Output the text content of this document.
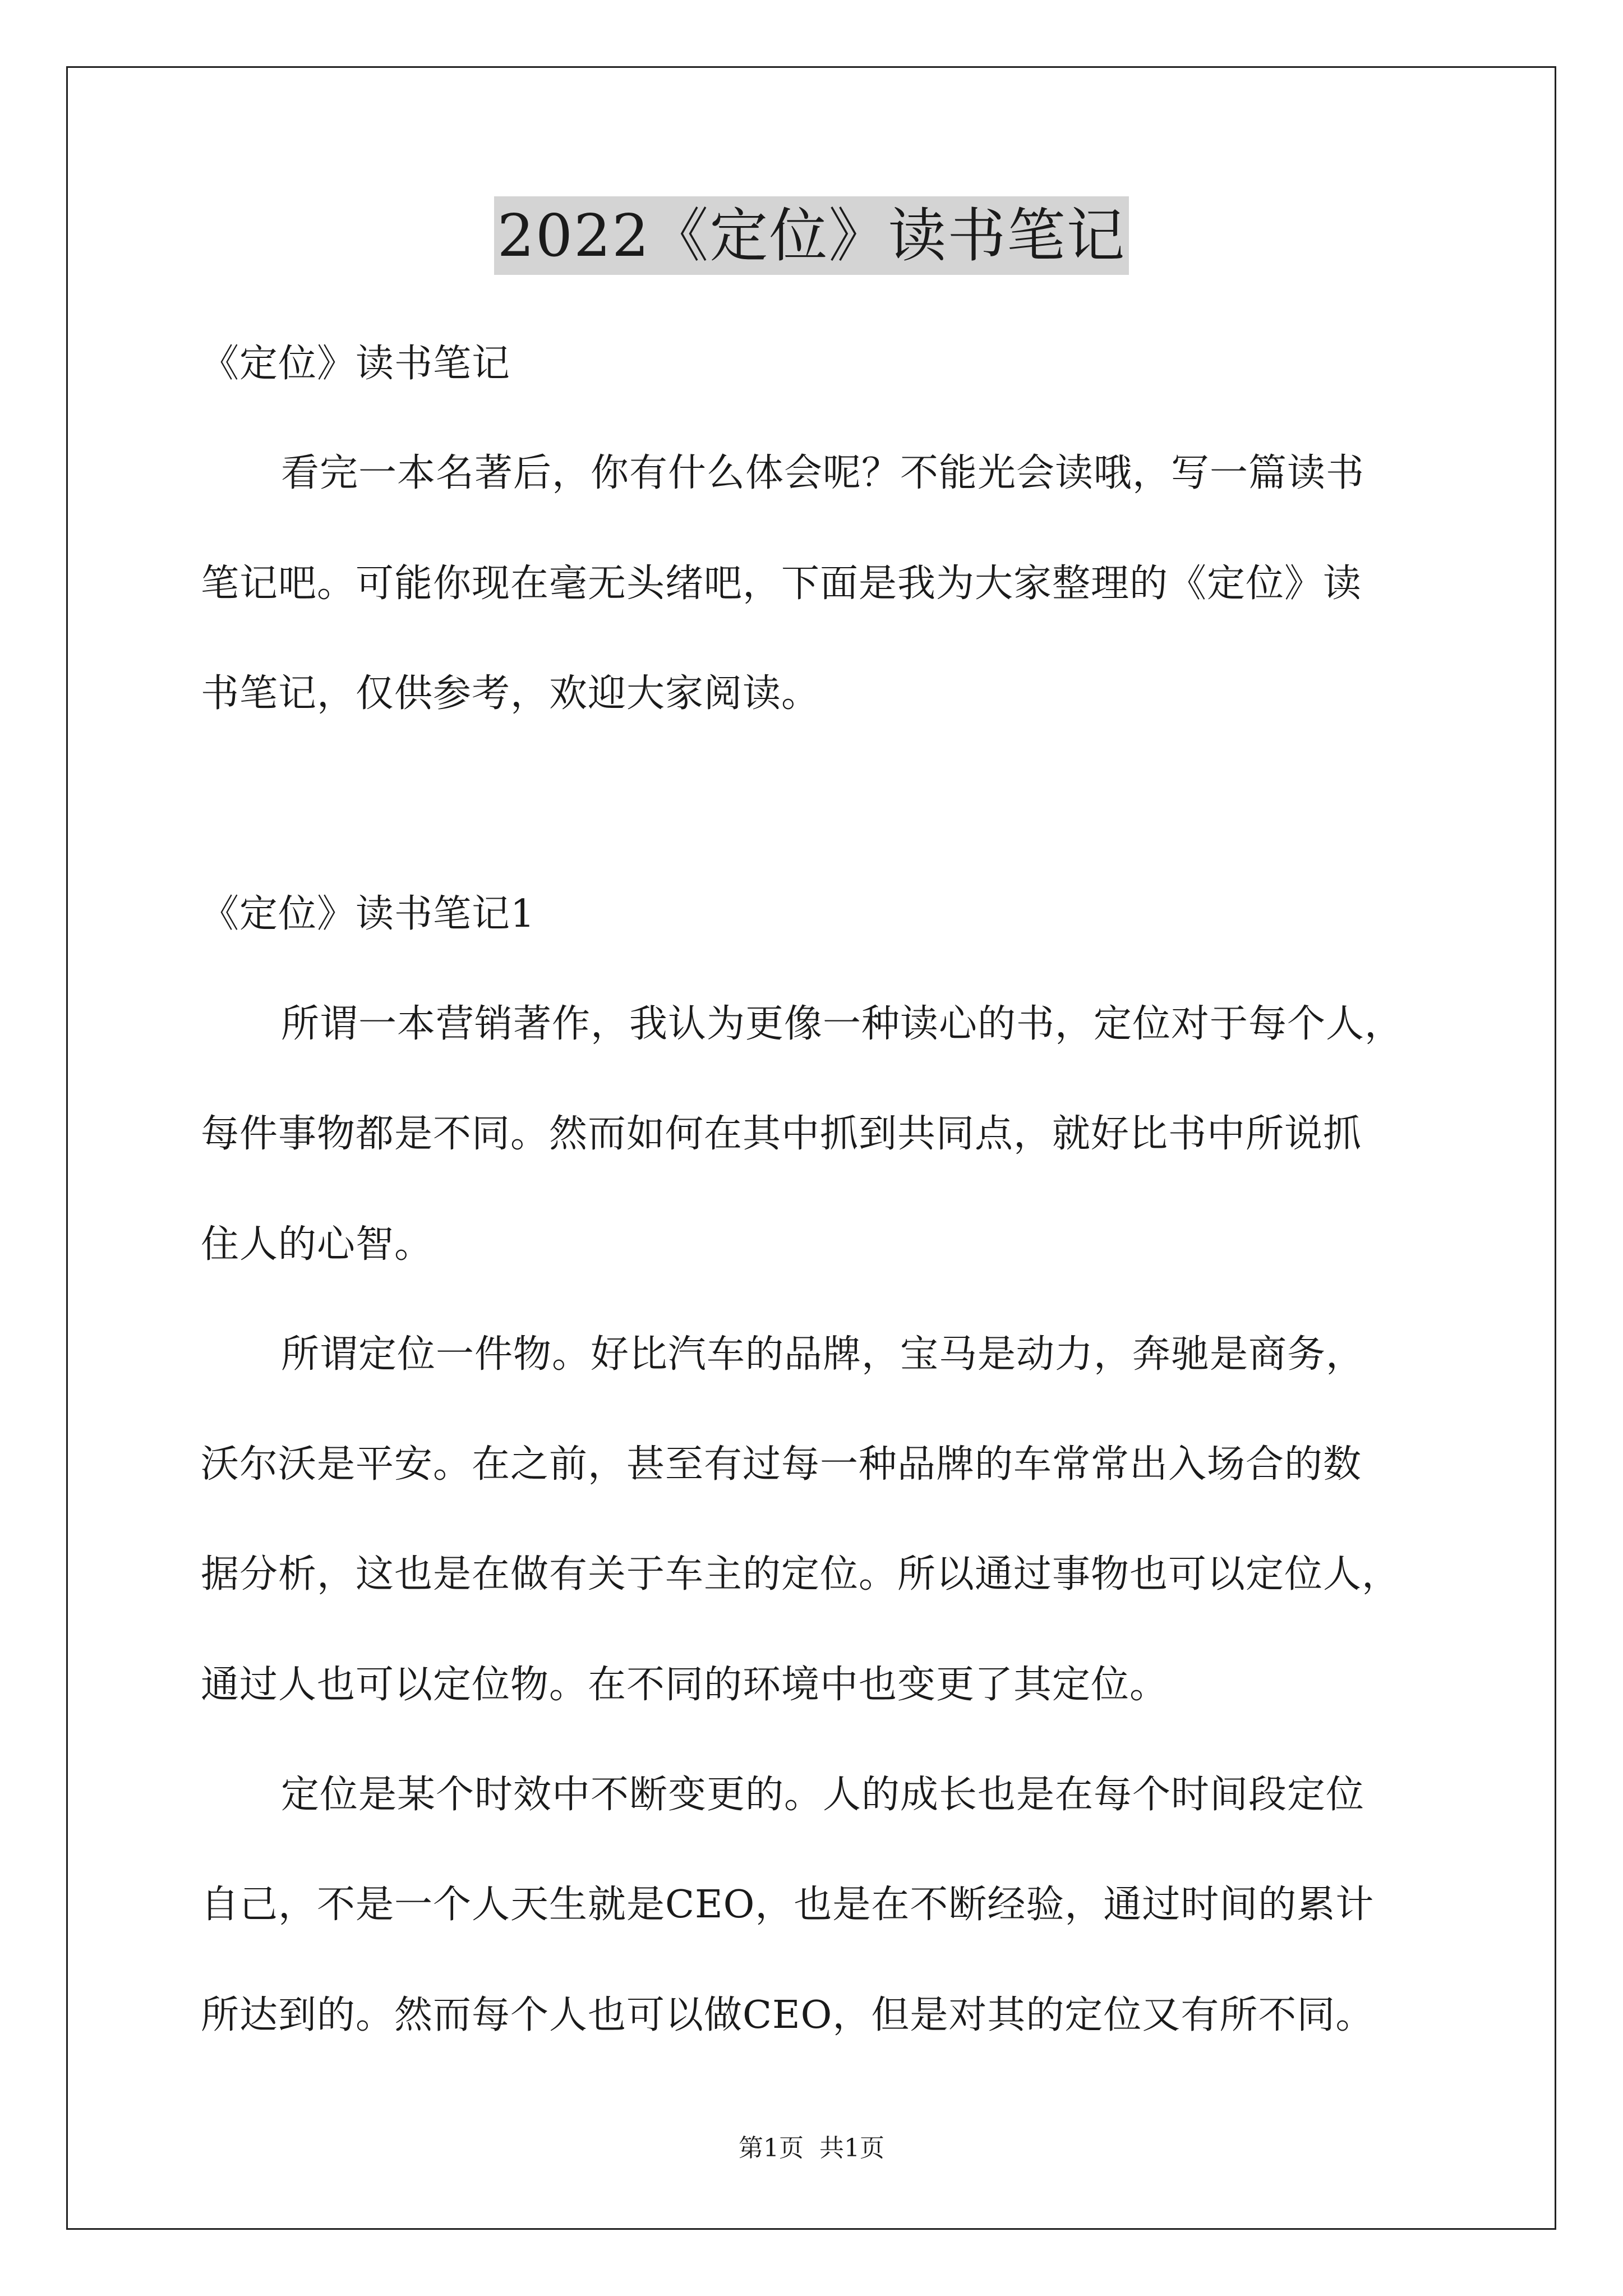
2022《定位》读书笔记
《定位》读书笔记
看完一本名著后，你有什么体会呢？不能光会读哦，写一篇读书
笔记吧。可能你现在毫无头绪吧，下面是我为大家整理的《定位》读
书笔记，仅供参考，欢迎大家阅读。
《定位》读书笔记1
所谓一本营销著作，我认为更像一种读心的书，定位对于每个人，
每件事物都是不同。然而如何在其中抓到共同点，就好比书中所说抓
住人的心智。
所谓定位一件物。好比汽车的品牌，宝马是动力，奔驰是商务，
沃尔沃是平安。在之前，甚至有过每一种品牌的车常常出入场合的数
据分析，这也是在做有关于车主的定位。所以通过事物也可以定位人，
通过人也可以定位物。在不同的环境中也变更了其定位。
定位是某个时效中不断变更的。人的成长也是在每个时间段定位
自己，不是一个人天生就是CEO，也是在不断经验，通过时间的累计
所达到的。然而每个人也可以做CEO，但是对其的定位又有所不同。
第1页 共1页
